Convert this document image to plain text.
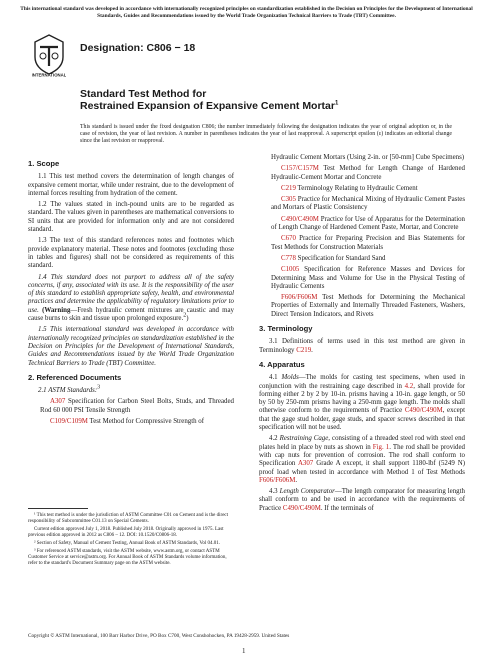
This international standard was developed in accordance with internationally recognized principles on standardization established in the Decision on Principles for the Development of International Standards, Guides and Recommendations issued by the World Trade Organization Technical Barriers to Trade (TBT) Committee.
INTERNATIONAL
Designation: C806 − 18
Standard Test Method for
Restrained Expansion of Expansive Cement Mortar$^1$
This standard is issued under the fixed designation C806; the number immediately following the designation indicates the year of original adoption or, in the case of revision, the year of last revision. A number in parentheses indicates the year of last reapproval. A superscript epsilon (ε) indicates an editorial change since the last revision or reapproval.
1. Scope

1.1 This test method covers the determination of length changes of expansive cement mortar, while under restraint, due to the development of internal forces resulting from hydration of the cement.

1.2 The values stated in inch-pound units are to be regarded as standard. The values given in parentheses are mathematical conversions to SI units that are provided for information only and are not considered standard.

1.3 The text of this standard references notes and footnotes which provide explanatory material. These notes and footnotes (excluding those in tables and figures) shall not be considered as requirements of this standard.

1.4 This standard does not purport to address all of the safety concerns, if any, associated with its use. It is the responsibility of the user of this standard to establish appropriate safety, health, and environmental practices and determine the applicability of regulatory limitations prior to use. (Warning—Fresh hydraulic cement mixtures are caustic and may cause burns to skin and tissue upon prolonged exposure.2)

1.5 This international standard was developed in accordance with internationally recognized principles on standardization established in the Decision on Principles for the Development of International Standards, Guides and Recommendations issued by the World Trade Organization Technical Barriers to Trade (TBT) Committee.

2. Referenced Documents

2.1 ASTM Standards:3

A307 Specification for Carbon Steel Bolts, Studs, and Threaded Rod 60 000 PSI Tensile Strength

C109/C109M Test Method for Compressive Strength of

¹ This test method is under the jurisdiction of ASTM Committee C01 on Cement and is the direct responsibility of Subcommittee C01.13 on Special Cements.

Current edition approved July 1, 2018. Published July 2018. Originally approved in 1975. Last previous edition approved in 2012 as C806 – 12. DOI: 10.1520/C0806-18.

² Section of Safety, Manual of Cement Testing, Annual Book of ASTM Standards, Vol 04.01.

³ For referenced ASTM standards, visit the ASTM website, www.astm.org, or contact ASTM Customer Service at service@astm.org. For Annual Book of ASTM Standards volume information, refer to the standard's Document Summary page on the ASTM website.

Hydraulic Cement Mortars (Using 2-in. or [50-mm] Cube Specimens)

C157/C157M Test Method for Length Change of Hardened Hydraulic-Cement Mortar and Concrete

C219 Terminology Relating to Hydraulic Cement

C305 Practice for Mechanical Mixing of Hydraulic Cement Pastes and Mortars of Plastic Consistency

C490/C490M Practice for Use of Apparatus for the Determination of Length Change of Hardened Cement Paste, Mortar, and Concrete

C670 Practice for Preparing Precision and Bias Statements for Test Methods for Construction Materials

C778 Specification for Standard Sand

C1005 Specification for Reference Masses and Devices for Determining Mass and Volume for Use in the Physical Testing of Hydraulic Cements

F606/F606M Test Methods for Determining the Mechanical Properties of Externally and Internally Threaded Fasteners, Washers, Direct Tension Indicators, and Rivets

3. Terminology

3.1 Definitions of terms used in this test method are given in Terminology C219.

4. Apparatus

4.1 Molds—The molds for casting test specimens, when used in conjunction with the restraining cage described in 4.2, shall provide for forming either 2 by 2 by 10-in. prisms having a 10-in. gage length, or 50 by 50 by 250-mm prisms having a 250-mm gage length. The molds shall otherwise conform to the requirements of Practice C490/C490M, except that the gage stud holder, gage studs, and spacer screws described in that specification will not be used.

4.2 Restraining Cage, consisting of a threaded steel rod with steel end plates held in place by nuts as shown in Fig. 1. The rod shall be provided with cap nuts for prevention of corrosion. The rod shall conform to Specification A307 Grade A except, it shall support 1180-lbf (5249 N) proof load when tested in accordance with Method 1 of Test Methods F606/F606M.

4.3 Length Comparator—The length comparator for measuring length shall conform to and be used in accordance with the requirements of Practice C490/C490M. If the terminals of

Copyright © ASTM International, 100 Barr Harbor Drive, PO Box C700, West Conshohocken, PA 19428-2959. United States
1
